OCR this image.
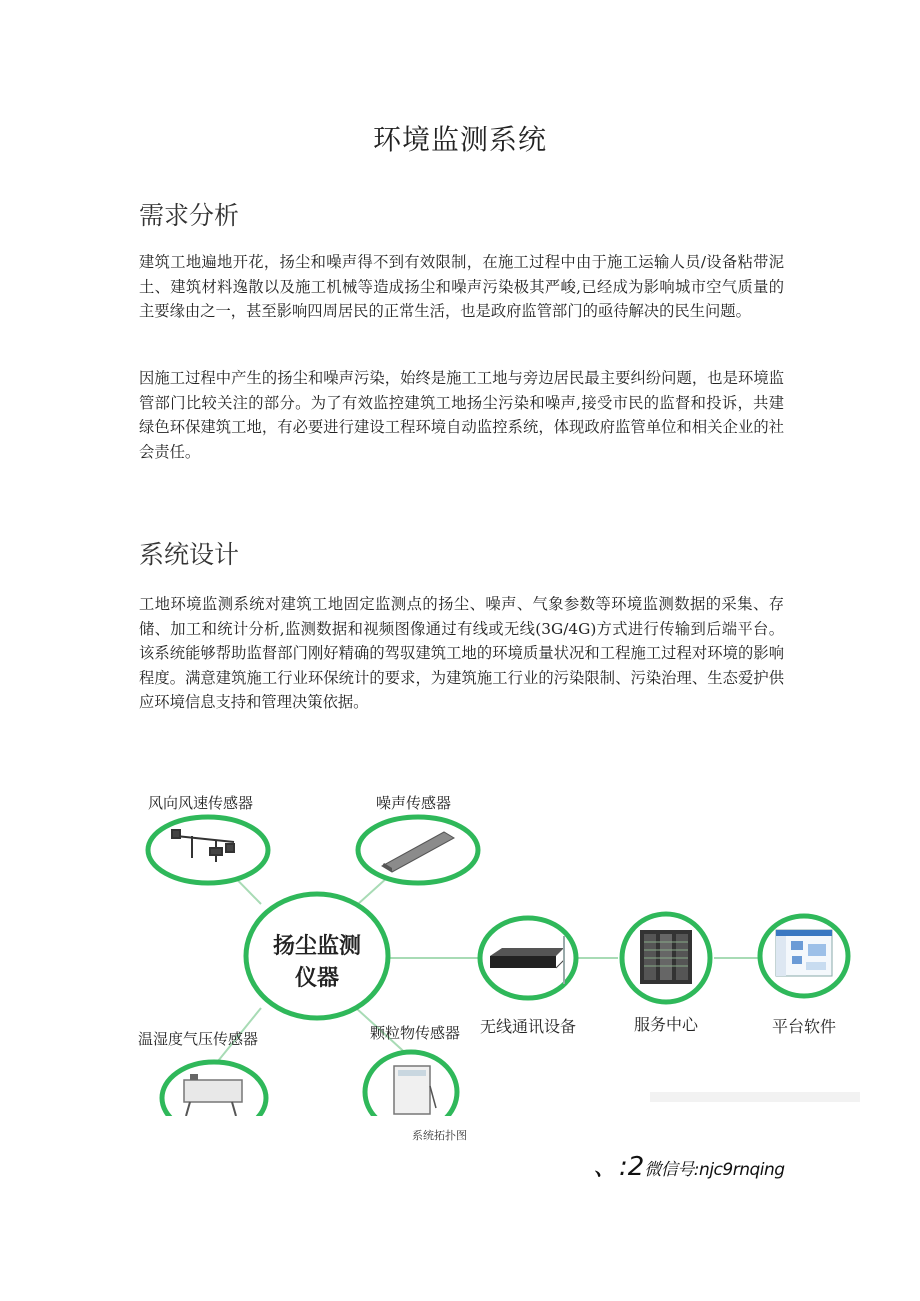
环境监测系统
需求分析

建筑工地遍地开花，扬尘和噪声得不到有效限制，在施工过程中由于施工运输人员/设备粘带泥土、建筑材料逸散以及施工机械等造成扬尘和噪声污染极其严峻,已经成为影响城市空气质量的主要缘由之一，甚至影响四周居民的正常生活，也是政府监管部门的亟待解决的民生问题。

因施工过程中产生的扬尘和噪声污染，始终是施工工地与旁边居民最主要纠纷问题，也是环境监管部门比较关注的部分。为了有效监控建筑工地扬尘污染和噪声,接受市民的监督和投诉，共建绿色环保建筑工地，有必要进行建设工程环境自动监控系统，体现政府监管单位和相关企业的社会责任。

系统设计

工地环境监测系统对建筑工地固定监测点的扬尘、噪声、气象参数等环境监测数据的采集、存储、加工和统计分析,监测数据和视频图像通过有线或无线(3G/4G)方式进行传输到后端平台。该系统能够帮助监督部门刚好精确的驾驭建筑工地的环境质量状况和工程施工过程对环境的影响程度。满意建筑施工行业环保统计的要求，为建筑施工行业的污染限制、污染治理、生态爱护供应环境信息支持和管理决策依据。

风向风速传感器	噪声传感器
扬尘监测
仪器
温湿度气压传感器	颗粒物传感器 无线通讯设备	服务中心	平台软件
系统拓扑图
、:2微信号:njc9rnqing
